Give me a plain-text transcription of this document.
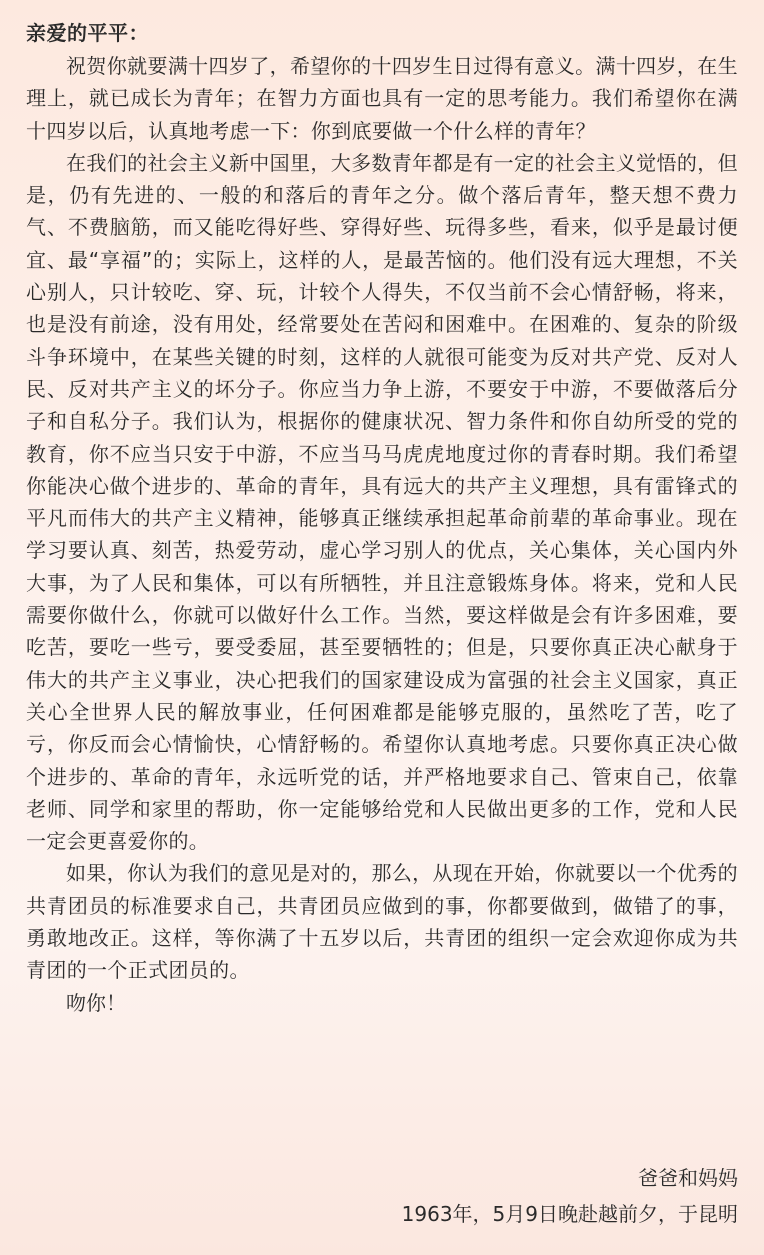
亲爱的平平：

祝贺你就要满十四岁了，希望你的十四岁生日过得有意义。满十四岁，在生理上，就已成长为青年；在智力方面也具有一定的思考能力。我们希望你在满十四岁以后，认真地考虑一下：你到底要做一个什么样的青年？

在我们的社会主义新中国里，大多数青年都是有一定的社会主义觉悟的，但是，仍有先进的、一般的和落后的青年之分。做个落后青年，整天想不费力气、不费脑筋，而又能吃得好些、穿得好些、玩得多些，看来，似乎是最讨便宜、最“享福”的；实际上，这样的人，是最苦恼的。他们没有远大理想，不关心别人，只计较吃、穿、玩，计较个人得失，不仅当前不会心情舒畅，将来，也是没有前途，没有用处，经常要处在苦闷和困难中。在困难的、复杂的阶级斗争环境中，在某些关键的时刻，这样的人就很可能变为反对共产党、反对人民、反对共产主义的坏分子。你应当力争上游，不要安于中游，不要做落后分子和自私分子。我们认为，根据你的健康状况、智力条件和你自幼所受的党的教育，你不应当只安于中游，不应当马马虎虎地度过你的青春时期。我们希望你能决心做个进步的、革命的青年，具有远大的共产主义理想，具有雷锋式的平凡而伟大的共产主义精神，能够真正继续承担起革命前辈的革命事业。现在学习要认真、刻苦，热爱劳动，虚心学习别人的优点，关心集体，关心国内外大事，为了人民和集体，可以有所牺牲，并且注意锻炼身体。将来，党和人民需要你做什么，你就可以做好什么工作。当然，要这样做是会有许多困难，要吃苦，要吃一些亏，要受委屈，甚至要牺牲的；但是，只要你真正决心献身于伟大的共产主义事业，决心把我们的国家建设成为富强的社会主义国家，真正关心全世界人民的解放事业，任何困难都是能够克服的，虽然吃了苦，吃了亏，你反而会心情愉快，心情舒畅的。希望你认真地考虑。只要你真正决心做个进步的、革命的青年，永远听党的话，并严格地要求自己、管束自己，依靠老师、同学和家里的帮助，你一定能够给党和人民做出更多的工作，党和人民一定会更喜爱你的。

如果，你认为我们的意见是对的，那么，从现在开始，你就要以一个优秀的共青团员的标准要求自己，共青团员应做到的事，你都要做到，做错了的事，勇敢地改正。这样，等你满了十五岁以后，共青团的组织一定会欢迎你成为共青团的一个正式团员的。

吻你！

爸爸和妈妈
1963年，5月9日晚赴越前夕，于昆明
